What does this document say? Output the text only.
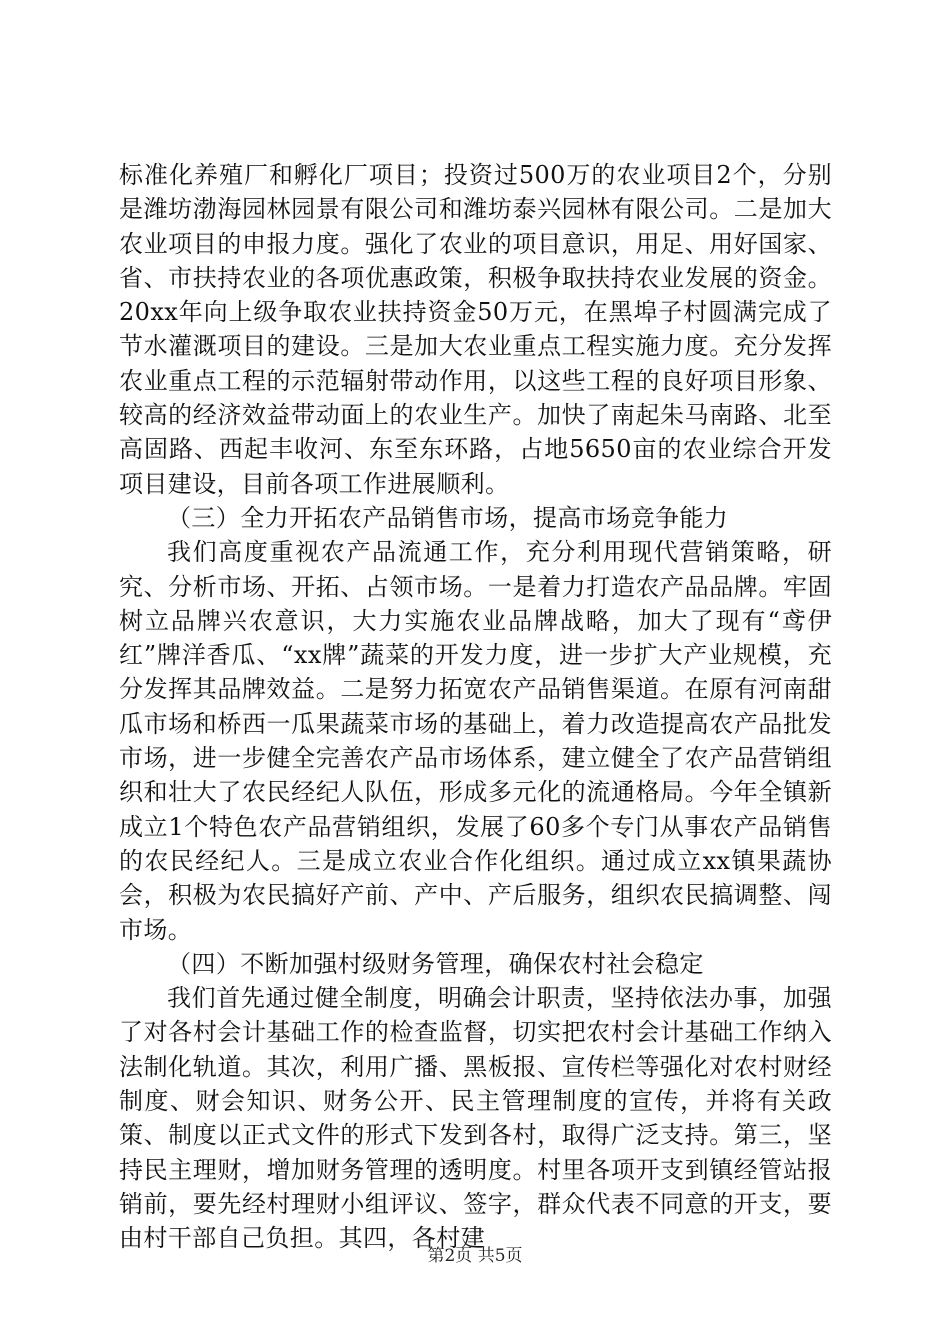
标准化养殖厂和孵化厂项目；投资过500万的农业项目2个，分别是潍坊渤海园林园景有限公司和潍坊泰兴园林有限公司。二是加大农业项目的申报力度。强化了农业的项目意识，用足、用好国家、省、市扶持农业的各项优惠政策，积极争取扶持农业发展的资金。20xx年向上级争取农业扶持资金50万元，在黑埠子村圆满完成了节水灌溉项目的建设。三是加大农业重点工程实施力度。充分发挥农业重点工程的示范辐射带动作用，以这些工程的良好项目形象、较高的经济效益带动面上的农业生产。加快了南起朱马南路、北至高固路、西起丰收河、东至东环路，占地5650亩的农业综合开发项目建设，目前各项工作进展顺利。

（三）全力开拓农产品销售市场，提高市场竞争能力

我们高度重视农产品流通工作，充分利用现代营销策略，研究、分析市场、开拓、占领市场。一是着力打造农产品品牌。牢固树立品牌兴农意识，大力实施农业品牌战略，加大了现有“鸢伊红”牌洋香瓜、“xx牌”蔬菜的开发力度，进一步扩大产业规模，充分发挥其品牌效益。二是努力拓宽农产品销售渠道。在原有河南甜瓜市场和桥西一瓜果蔬菜市场的基础上，着力改造提高农产品批发市场，进一步健全完善农产品市场体系，建立健全了农产品营销组织和壮大了农民经纪人队伍，形成多元化的流通格局。今年全镇新成立1个特色农产品营销组织，发展了60多个专门从事农产品销售的农民经纪人。三是成立农业合作化组织。通过成立xx镇果蔬协会，积极为农民搞好产前、产中、产后服务，组织农民搞调整、闯市场。

（四）不断加强村级财务管理，确保农村社会稳定

我们首先通过健全制度，明确会计职责，坚持依法办事，加强了对各村会计基础工作的检查监督，切实把农村会计基础工作纳入法制化轨道。其次，利用广播、黑板报、宣传栏等强化对农村财经制度、财会知识、财务公开、民主管理制度的宣传，并将有关政策、制度以正式文件的形式下发到各村，取得广泛支持。第三，坚持民主理财，增加财务管理的透明度。村里各项开支到镇经管站报销前，要先经村理财小组评议、签字，群众代表不同意的开支，要由村干部自己负担。其四，各村建

第2页 共5页
